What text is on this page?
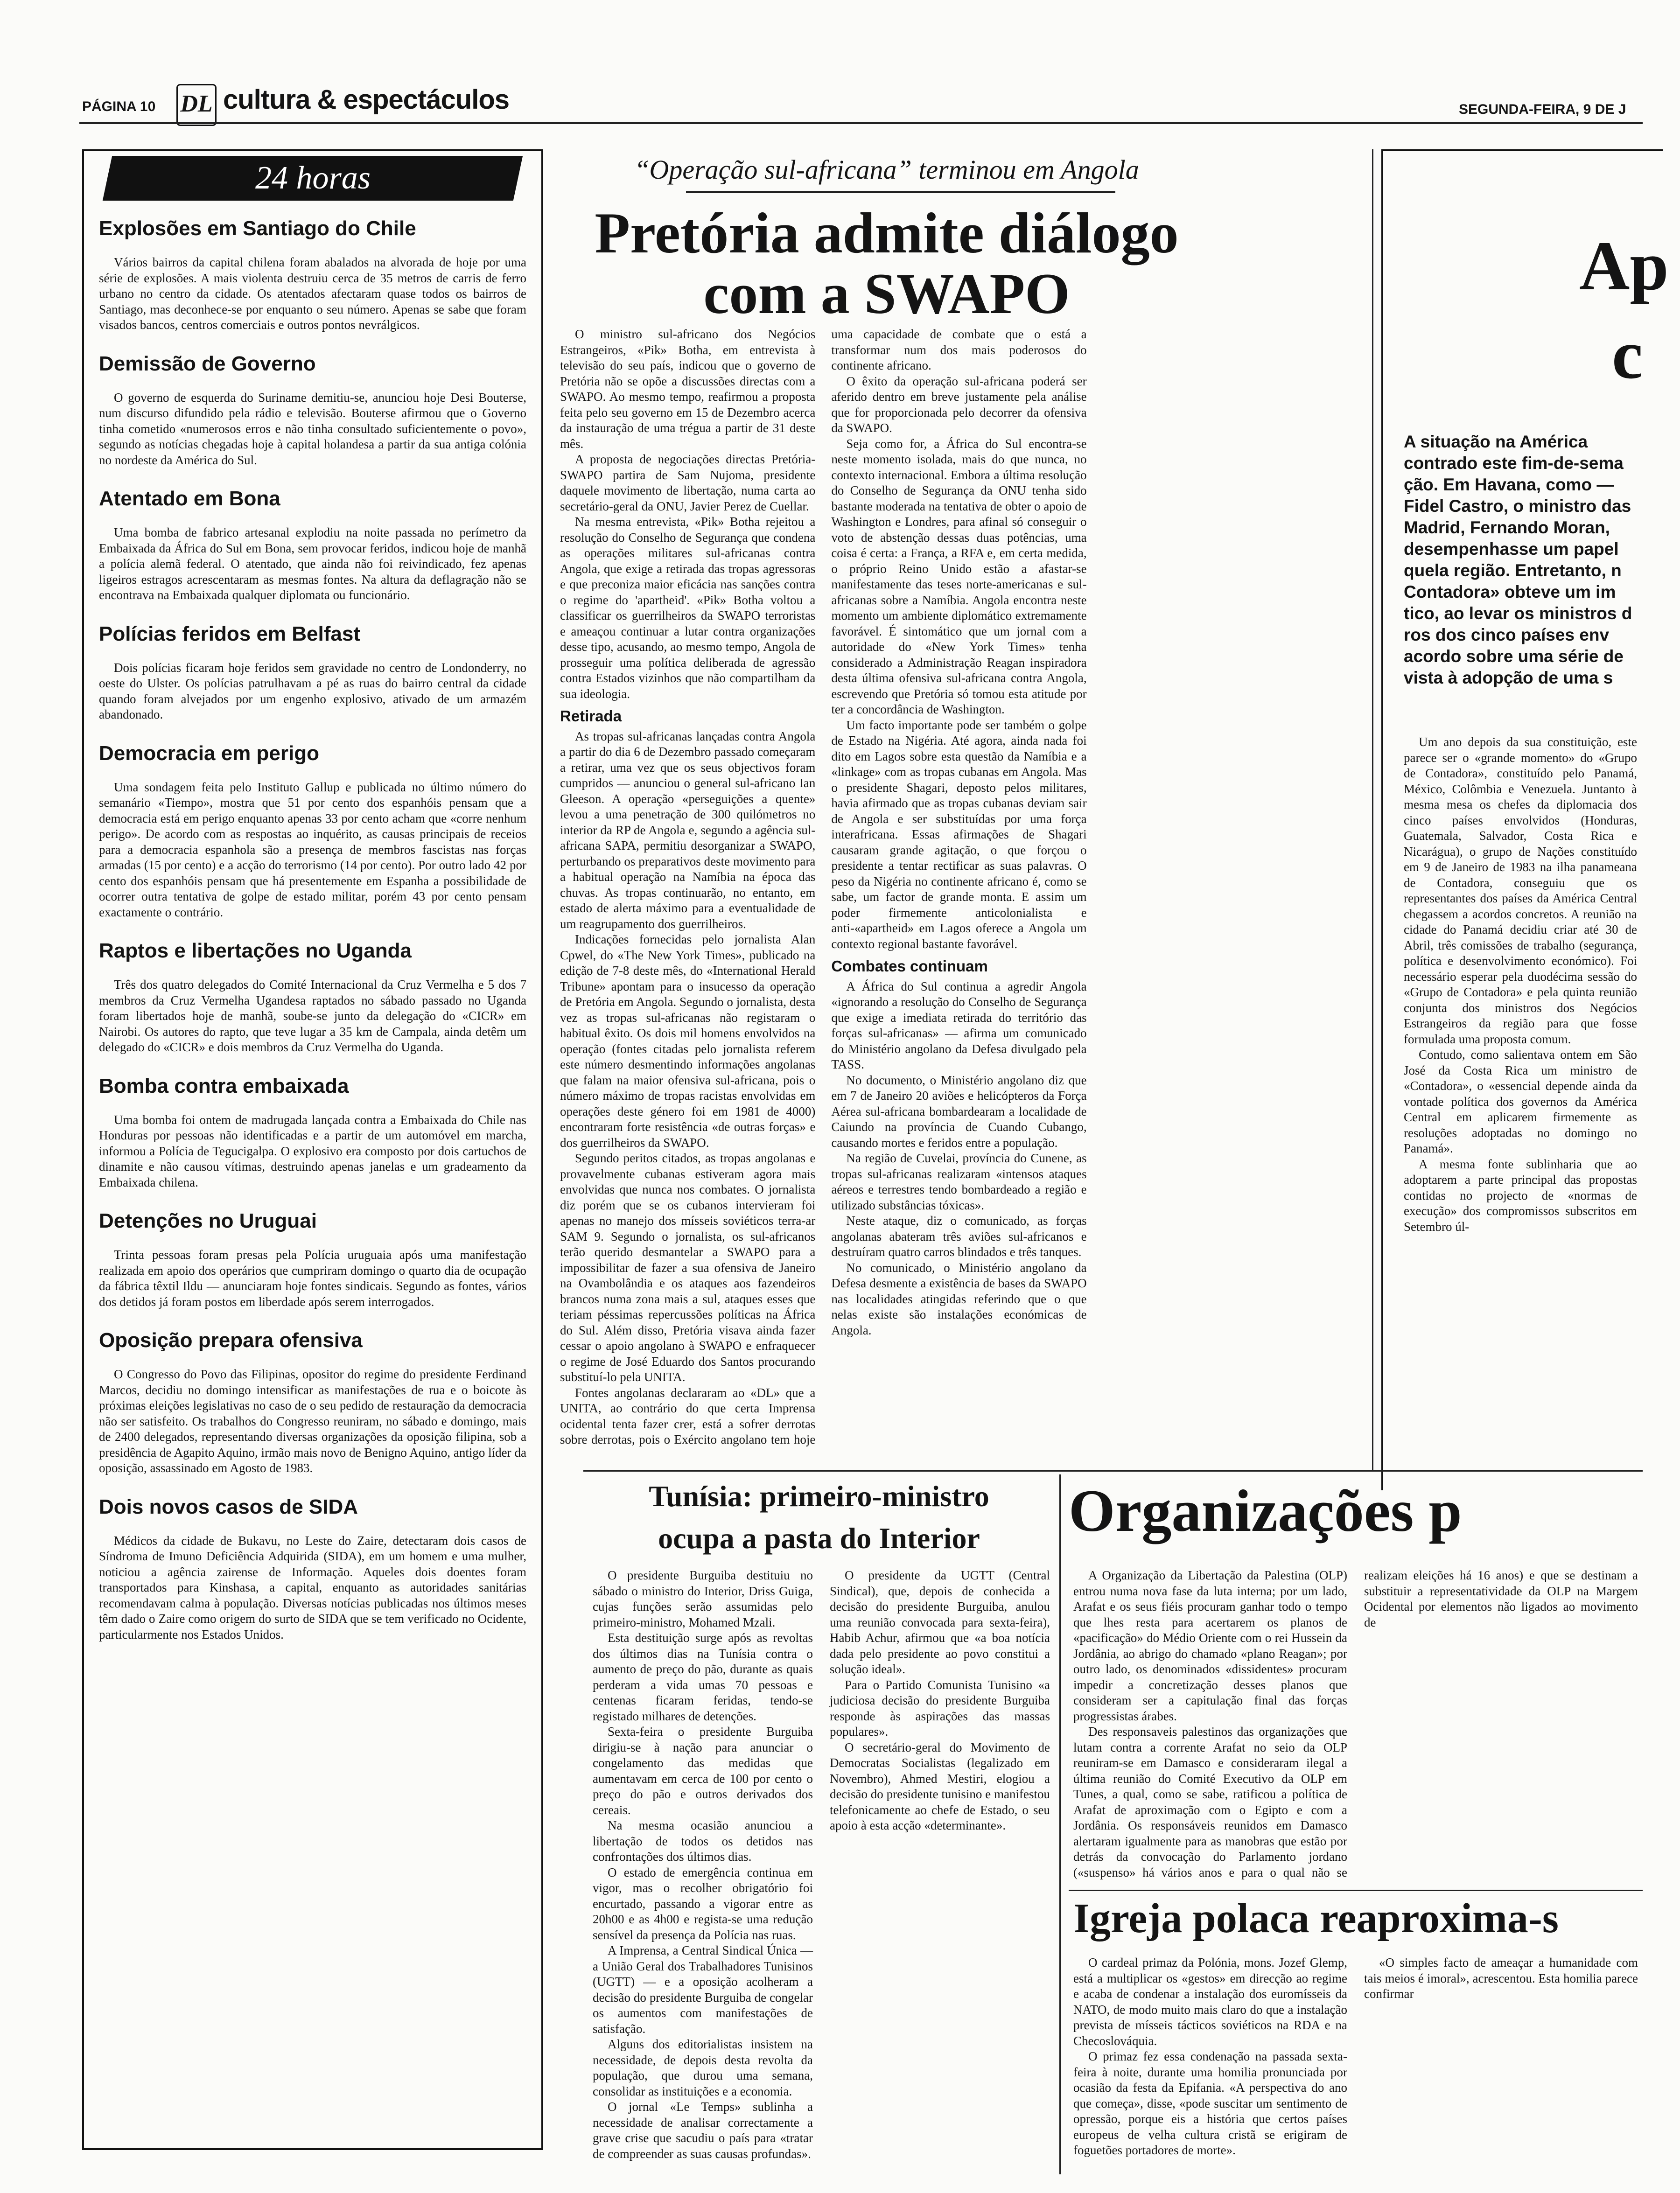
PÁGINA 10 DL cultura & espectáculos	SEGUNDA-FEIRA, 9 DE J
24 horas
Explosões em Santiago do Chile
Vários bairros da capital chilena foram abalados na alvorada de hoje por uma série de explosões. A mais violenta destruiu cerca de 35 metros de carris de ferro urbano no centro da cidade. Os atentados afectaram quase todos os bairros de Santiago, mas deconhece-se por enquanto o seu número. Apenas se sabe que foram visados bancos, centros comerciais e outros pontos nevrálgicos.
Demissão de Governo
O governo de esquerda do Suriname demitiu-se, anunciou hoje Desi Bouterse, num discurso difundido pela rádio e televisão. Bouterse afirmou que o Governo tinha cometido «numerosos erros e não tinha consultado suficientemente o povo», segundo as notícias chegadas hoje à capital holandesa a partir da sua antiga colónia no nordeste da América do Sul.
Atentado em Bona
Uma bomba de fabrico artesanal explodiu na noite passada no perímetro da Embaixada da África do Sul em Bona, sem provocar feridos, indicou hoje de manhã a polícia alemã federal. O atentado, que ainda não foi reivindicado, fez apenas ligeiros estragos acrescentaram as mesmas fontes. Na altura da deflagração não se encontrava na Embaixada qualquer diplomata ou funcionário.
Polícias feridos em Belfast
Dois polícias ficaram hoje feridos sem gravidade no centro de Londonderry, no oeste do Ulster. Os polícias patrulhavam a pé as ruas do bairro central da cidade quando foram alvejados por um engenho explosivo, ativado de um armazém abandonado.
Democracia em perigo
Uma sondagem feita pelo Instituto Gallup e publicada no último número do semanário «Tiempo», mostra que 51 por cento dos espanhóis pensam que a democracia está em perigo enquanto apenas 33 por cento acham que «corre nenhum perigo». De acordo com as respostas ao inquérito, as causas principais de receios para a democracia espanhola são a presença de membros fascistas nas forças armadas (15 por cento) e a acção do terrorismo (14 por cento). Por outro lado 42 por cento dos espanhóis pensam que há presentemente em Espanha a possibilidade de ocorrer outra tentativa de golpe de estado militar, porém 43 por cento pensam exactamente o contrário.
Raptos e libertações no Uganda
Três dos quatro delegados do Comité Internacional da Cruz Vermelha e 5 dos 7 membros da Cruz Vermelha Ugandesa raptados no sábado passado no Uganda foram libertados hoje de manhã, soube-se junto da delegação do «CICR» em Nairobi. Os autores do rapto, que teve lugar a 35 km de Campala, ainda detêm um delegado do «CICR» e dois membros da Cruz Vermelha do Uganda.
Bomba contra embaixada
Uma bomba foi ontem de madrugada lançada contra a Embaixada do Chile nas Honduras por pessoas não identificadas e a partir de um automóvel em marcha, informou a Polícia de Tegucigalpa. O explosivo era composto por dois cartuchos de dinamite e não causou vítimas, destruindo apenas janelas e um gradeamento da Embaixada chilena.
Detenções no Uruguai
Trinta pessoas foram presas pela Polícia uruguaia após uma manifestação realizada em apoio dos operários que cumpriram domingo o quarto dia de ocupação da fábrica têxtil Ildu — anunciaram hoje fontes sindicais. Segundo as fontes, vários dos detidos já foram postos em liberdade após serem interrogados.
Oposição prepara ofensiva
O Congresso do Povo das Filipinas, opositor do regime do presidente Ferdinand Marcos, decidiu no domingo intensificar as manifestações de rua e o boicote às próximas eleições legislativas no caso de o seu pedido de restauração da democracia não ser satisfeito. Os trabalhos do Congresso reuniram, no sábado e domingo, mais de 2400 delegados, representando diversas organizações da oposição filipina, sob a presidência de Agapito Aquino, irmão mais novo de Benigno Aquino, antigo líder da oposição, assassinado em Agosto de 1983.
Dois novos casos de SIDA
Médicos da cidade de Bukavu, no Leste do Zaire, detectaram dois casos de Síndroma de Imuno Deficiência Adquirida (SIDA), em um homem e uma mulher, noticiou a agência zairense de Informação. Aqueles dois doentes foram transportados para Kinshasa, a capital, enquanto as autoridades sanitárias recomendavam calma à população. Diversas notícias publicadas nos últimos meses têm dado o Zaire como origem do surto de SIDA que se tem verificado no Ocidente, particularmente nos Estados Unidos.
“Operação sul-africana” terminou em Angola
Pretória admite diálogo
com a SWAPO

O ministro sul-africano dos Negócios Estrangeiros, «Pik» Botha, em entrevista à televisão do seu país, indicou que o governo de Pretória não se opõe a discussões directas com a SWAPO. Ao mesmo tempo, reafirmou a proposta feita pelo seu governo em 15 de Dezembro acerca da instauração de uma trégua a partir de 31 deste mês.

A proposta de negociações directas Pretória-SWAPO partira de Sam Nujoma, presidente daquele movimento de libertação, numa carta ao secretário-geral da ONU, Javier Perez de Cuellar.

Na mesma entrevista, «Pik» Botha rejeitou a resolução do Conselho de Segurança que condena as operações militares sul-africanas contra Angola, que exige a retirada das tropas agressoras e que preconiza maior eficácia nas sanções contra o regime do 'apartheid'. «Pik» Botha voltou a classificar os guerrilheiros da SWAPO terroristas e ameaçou continuar a lutar contra organizações desse tipo, acusando, ao mesmo tempo, Angola de prosseguir uma política deliberada de agressão contra Estados vizinhos que não compartilham da sua ideologia.

Retirada

As tropas sul-africanas lançadas contra Angola a partir do dia 6 de Dezembro passado começaram a retirar, uma vez que os seus objectivos foram cumpridos — anunciou o general sul-africano Ian Gleeson. A operação «perseguições a quente» levou a uma penetração de 300 quilómetros no interior da RP de Angola e, segundo a agência sul-africana SAPA, permitiu desorganizar a SWAPO, perturbando os preparativos deste movimento para a habitual operação na Namíbia na época das chuvas. As tropas continuarão, no entanto, em estado de alerta máximo para a eventualidade de um reagrupamento dos guerrilheiros.

Indicações fornecidas pelo jornalista Alan Cpwel, do «The New York Times», publicado na edição de 7-8 deste mês, do «International Herald Tribune» apontam para o insucesso da operação de Pretória em Angola. Segundo o jornalista, desta vez as tropas sul-africanas não registaram o habitual êxito. Os dois mil homens envolvidos na operação (fontes citadas pelo jornalista referem este número desmentindo informações angolanas que falam na maior ofensiva sul-africana, pois o número máximo de tropas racistas envolvidas em operações deste género foi em 1981 de 4000) encontraram forte resistência «de outras forças» e dos guerrilheiros da SWAPO.

Segundo peritos citados, as tropas angolanas e provavelmente cubanas estiveram agora mais envolvidas que nunca nos combates. O jornalista diz porém que se os cubanos intervieram foi apenas no manejo dos mísseis soviéticos terra-ar SAM 9. Segundo o jornalista, os sul-africanos terão querido desmantelar a SWAPO para a impossibilitar de fazer a sua ofensiva de Janeiro na Ovambolândia e os ataques aos fazendeiros brancos numa zona mais a sul, ataques esses que teriam péssimas repercussões políticas na África do Sul. Além disso, Pretória visava ainda fazer cessar o apoio angolano à SWAPO e enfraquecer o regime de José Eduardo dos Santos procurando substituí-lo pela UNITA.

Fontes angolanas declararam ao «DL» que a UNITA, ao contrário do que certa Imprensa ocidental tenta fazer crer, está a sofrer derrotas sobre derrotas, pois o Exército angolano tem hoje uma capacidade de combate que o está a transformar num dos mais poderosos do continente africano.

O êxito da operação sul-africana poderá ser aferido dentro em breve justamente pela análise que for proporcionada pelo decorrer da ofensiva da SWAPO.

Seja como for, a África do Sul encontra-se neste momento isolada, mais do que nunca, no contexto internacional. Embora a última resolução do Conselho de Segurança da ONU tenha sido bastante moderada na tentativa de obter o apoio de Washington e Londres, para afinal só conseguir o voto de abstenção dessas duas potências, uma coisa é certa: a França, a RFA e, em certa medida, o próprio Reino Unido estão a afastar-se manifestamente das teses norte-americanas e sul-africanas sobre a Namíbia. Angola encontra neste momento um ambiente diplomático extremamente favorável. É sintomático que um jornal com a autoridade do «New York Times» tenha considerado a Administração Reagan inspiradora desta última ofensiva sul-africana contra Angola, escrevendo que Pretória só tomou esta atitude por ter a concordância de Washington.

Um facto importante pode ser também o golpe de Estado na Nigéria. Até agora, ainda nada foi dito em Lagos sobre esta questão da Namíbia e a «linkage» com as tropas cubanas em Angola. Mas o presidente Shagari, deposto pelos militares, havia afirmado que as tropas cubanas deviam sair de Angola e ser substituídas por uma força interafricana. Essas afirmações de Shagari causaram grande agitação, o que forçou o presidente a tentar rectificar as suas palavras. O peso da Nigéria no continente africano é, como se sabe, um factor de grande monta. E assim um poder firmemente anticolonialista e anti-«apartheid» em Lagos oferece a Angola um contexto regional bastante favorável.

Combates continuam

A África do Sul continua a agredir Angola «ignorando a resolução do Conselho de Segurança que exige a imediata retirada do território das forças sul-africanas» — afirma um comunicado do Ministério angolano da Defesa divulgado pela TASS.

No documento, o Ministério angolano diz que em 7 de Janeiro 20 aviões e helicópteros da Força Aérea sul-africana bombardearam a localidade de Caiundo na província de Cuando Cubango, causando mortes e feridos entre a população.

Na região de Cuvelai, província do Cunene, as tropas sul-africanas realizaram «intensos ataques aéreos e terrestres tendo bombardeado a região e utilizado substâncias tóxicas».

Neste ataque, diz o comunicado, as forças angolanas abateram três aviões sul-africanos e destruíram quatro carros blindados e três tanques.

No comunicado, o Ministério angolano da Defesa desmente a existência de bases da SWAPO nas localidades atingidas referindo que o que nelas existe são instalações económicas de Angola.

Ap
c
A situação na América contrado este fim-de-sema ção. Em Havana, como — Fidel Castro, o ministro das Madrid, Fernando Moran, desempenhasse um papel quela região. Entretanto, n Contadora» obteve um im tico, ao levar os ministros d ros dos cinco países env acordo sobre uma série de vista à adopção de uma s

Um ano depois da sua constituição, este parece ser o «grande momento» do «Grupo de Contadora», constituído pelo Panamá, México, Colômbia e Venezuela. Juntanto à mesma mesa os chefes da diplomacia dos cinco países envolvidos (Honduras, Guatemala, Salvador, Costa Rica e Nicarágua), o grupo de Nações constituído em 9 de Janeiro de 1983 na ilha panameana de Contadora, conseguiu que os representantes dos países da América Central chegassem a acordos concretos. A reunião na cidade do Panamá decidiu criar até 30 de Abril, três comissões de trabalho (segurança, política e desenvolvimento económico). Foi necessário esperar pela duodécima sessão do «Grupo de Contadora» e pela quinta reunião conjunta dos ministros dos Negócios Estrangeiros da região para que fosse formulada uma proposta comum.

Contudo, como salientava ontem em São José da Costa Rica um ministro de «Contadora», o «essencial depende ainda da vontade política dos governos da América Central em aplicarem firmemente as resoluções adoptadas no domingo no Panamá».

A mesma fonte sublinharia que ao adoptarem a parte principal das propostas contidas no projecto de «normas de execução» dos compromissos subscritos em Setembro úl-

Tunísia: primeiro-ministro
ocupa a pasta do Interior

O presidente Burguiba destituiu no sábado o ministro do Interior, Driss Guiga, cujas funções serão assumidas pelo primeiro-ministro, Mohamed Mzali.

Esta destituição surge após as revoltas dos últimos dias na Tunísia contra o aumento de preço do pão, durante as quais perderam a vida umas 70 pessoas e centenas ficaram feridas, tendo-se registado milhares de detenções.

Sexta-feira o presidente Burguiba dirigiu-se à nação para anunciar o congelamento das medidas que aumentavam em cerca de 100 por cento o preço do pão e outros derivados dos cereais.

Na mesma ocasião anunciou a libertação de todos os detidos nas confrontações dos últimos dias.

O estado de emergência continua em vigor, mas o recolher obrigatório foi encurtado, passando a vigorar entre as 20h00 e as 4h00 e regista-se uma redução sensível da presença da Polícia nas ruas.

A Imprensa, a Central Sindical Única — a União Geral dos Trabalhadores Tunisinos (UGTT) — e a oposição acolheram a decisão do presidente Burguiba de congelar os aumentos com manifestações de satisfação.

Alguns dos editorialistas insistem na necessidade, de depois desta revolta da população, que durou uma semana, consolidar as instituições e a economia.

O jornal «Le Temps» sublinha a necessidade de analisar correctamente a grave crise que sacudiu o país para «tratar de compreender as suas causas profundas».

O presidente da UGTT (Central Sindical), que, depois de conhecida a decisão do presidente Burguiba, anulou uma reunião convocada para sexta-feira), Habib Achur, afirmou que «a boa notícia dada pelo presidente ao povo constitui a solução ideal».

Para o Partido Comunista Tunisino «a judiciosa decisão do presidente Burguiba responde às aspirações das massas populares».

O secretário-geral do Movimento de Democratas Socialistas (legalizado em Novembro), Ahmed Mestiri, elogiou a decisão do presidente tunisino e manifestou telefonicamente ao chefe de Estado, o seu apoio à esta acção «determinante».

Organizações p

A Organização da Libertação da Palestina (OLP) entrou numa nova fase da luta interna; por um lado, Arafat e os seus fiéis procuram ganhar todo o tempo que lhes resta para acertarem os planos de «pacificação» do Médio Oriente com o rei Hussein da Jordânia, ao abrigo do chamado «plano Reagan»; por outro lado, os denominados «dissidentes» procuram impedir a concretização desses planos que consideram ser a capitulação final das forças progressistas árabes.

Des responsaveis palestinos das organizações que lutam contra a corrente Arafat no seio da OLP reuniram-se em Damasco e consideraram ilegal a última reunião do Comité Executivo da OLP em Tunes, a qual, como se sabe, ratificou a política de Arafat de aproximação com o Egipto e com a Jordânia. Os responsáveis reunidos em Damasco alertaram igualmente para as manobras que estão por detrás da convocação do Parlamento jordano («suspenso» há vários anos e para o qual não se realizam eleições há 16 anos) e que se destinam a substituir a representatividade da OLP na Margem Ocidental por elementos não ligados ao movimento de

Igreja polaca reaproxima-s

O cardeal primaz da Polónia, mons. Jozef Glemp, está a multiplicar os «gestos» em direcção ao regime e acaba de condenar a instalação dos euromísseis da NATO, de modo muito mais claro do que a instalação prevista de mísseis tácticos soviéticos na RDA e na Checoslováquia.

O primaz fez essa condenação na passada sexta-feira à noite, durante uma homilia pronunciada por ocasião da festa da Epifania. «A perspectiva do ano que começa», disse, «pode suscitar um sentimento de opressão, porque eis a história que certos países europeus de velha cultura cristã se erigiram de foguetões portadores de morte».

«O simples facto de ameaçar a humanidade com tais meios é imoral», acrescentou. Esta homilia parece confirmar
